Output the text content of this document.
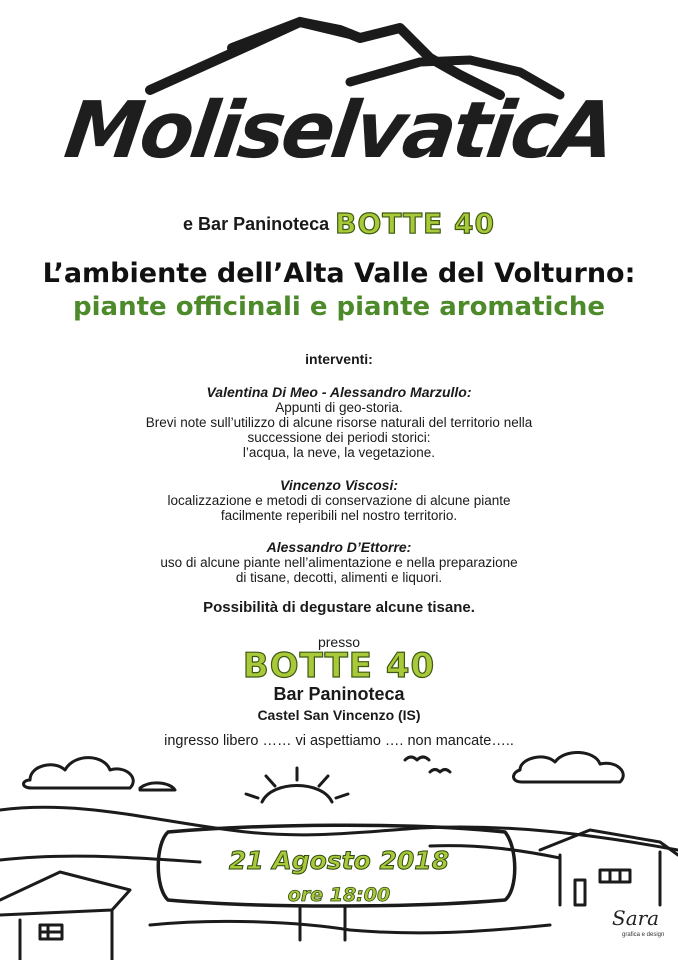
MoliselvaticA
e Bar Paninoteca BOTTE 40
L’ambiente dell’Alta Valle del Volturno:
piante officinali e piante aromatiche
interventi:
Valentina Di Meo - Alessandro Marzullo:
Appunti di geo-storia.
Brevi note sull’utilizzo di alcune risorse naturali del territorio nella
successione dei periodi storici:
l’acqua, la neve, la vegetazione.
Vincenzo Viscosi:
localizzazione e metodi di conservazione di alcune piante
facilmente reperibili nel nostro territorio.
Alessandro D’Ettorre:
uso di alcune piante nell’alimentazione e nella preparazione
di tisane, decotti, alimenti e liquori.
Possibilità di degustare alcune tisane.
presso
BOTTE 40
Bar Paninoteca
Castel San Vincenzo (IS)
ingresso libero …… vi aspettiamo …. non mancate…..
21 Agosto 2018
ore 18:00
Sara
grafica e design
